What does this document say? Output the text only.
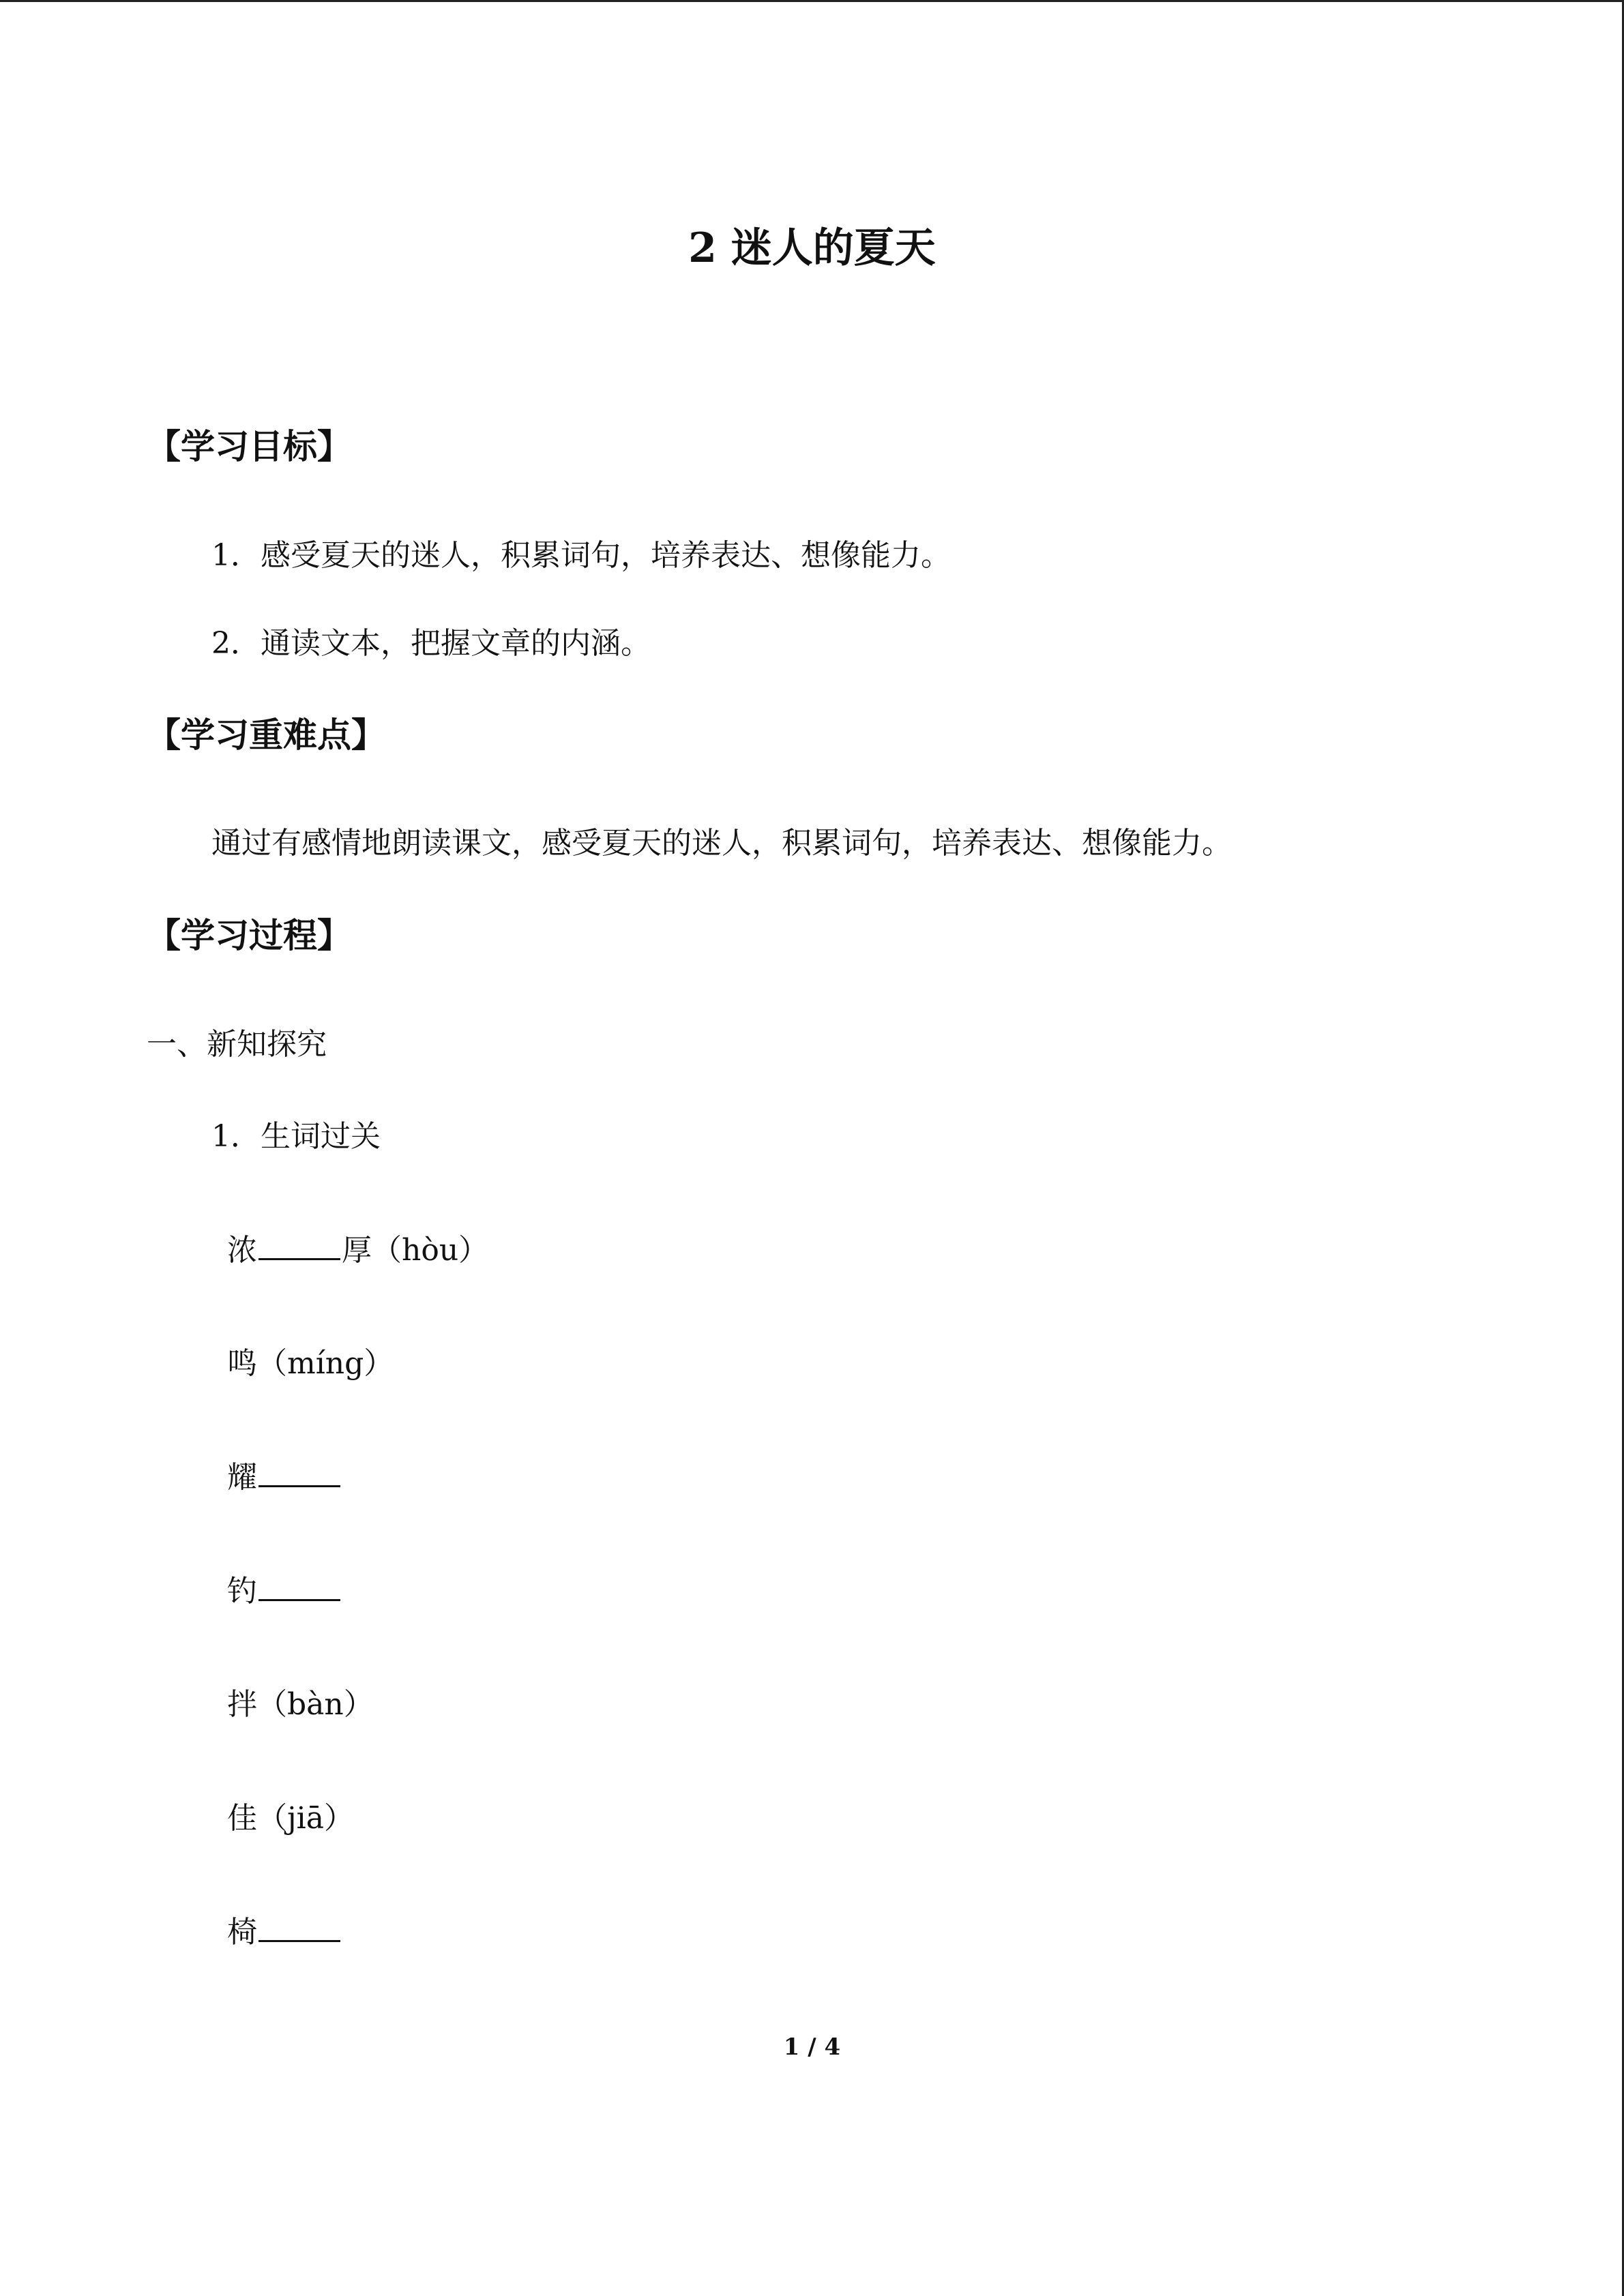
2 迷人的夏天
【学习目标】
1．感受夏天的迷人，积累词句，培养表达、想像能力。
2．通读文本，把握文章的内涵。
【学习重难点】
通过有感情地朗读课文，感受夏天的迷人，积累词句，培养表达、想像能力。
【学习过程】
一、新知探究
1．生词过关
浓	厚（hòu）
鸣（míng）
耀
钓
拌（bàn）
佳（jiā）
椅
1 / 4
